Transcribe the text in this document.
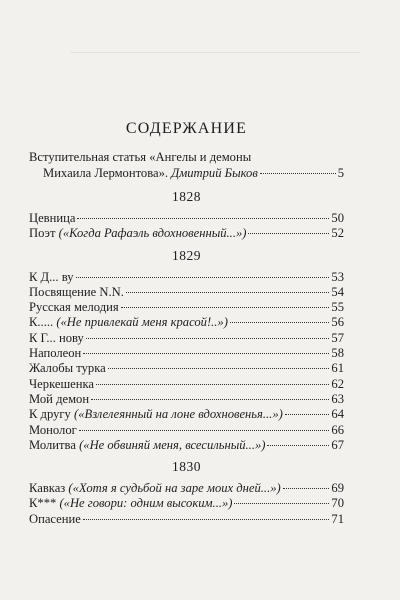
СОДЕРЖАНИЕ
Вступительная статья «Ангелы и демоны
Михаила Лермонтова». Дмитрий Быков	5
1828
Цевница	50
Поэт («Когда Рафаэль вдохновенный...»)	52
1829
К Д... ву	53
Посвящение N.N.	54
Русская мелодия	55
К..... («Не привлекай меня красой!..»)	56
К Г... нову	57
Наполеон	58
Жалобы турка	61
Черкешенка	62
Мой демон	63
К другу («Взлелеянный на лоне вдохновенья...»)	64
Монолог	66
Молитва («Не обвиняй меня, всесильный...»)	67
1830
Кавказ («Хотя я судьбой на заре моих дней...»)	69
К*** («Не говори: одним высоким...»)	70
Опасение	71
